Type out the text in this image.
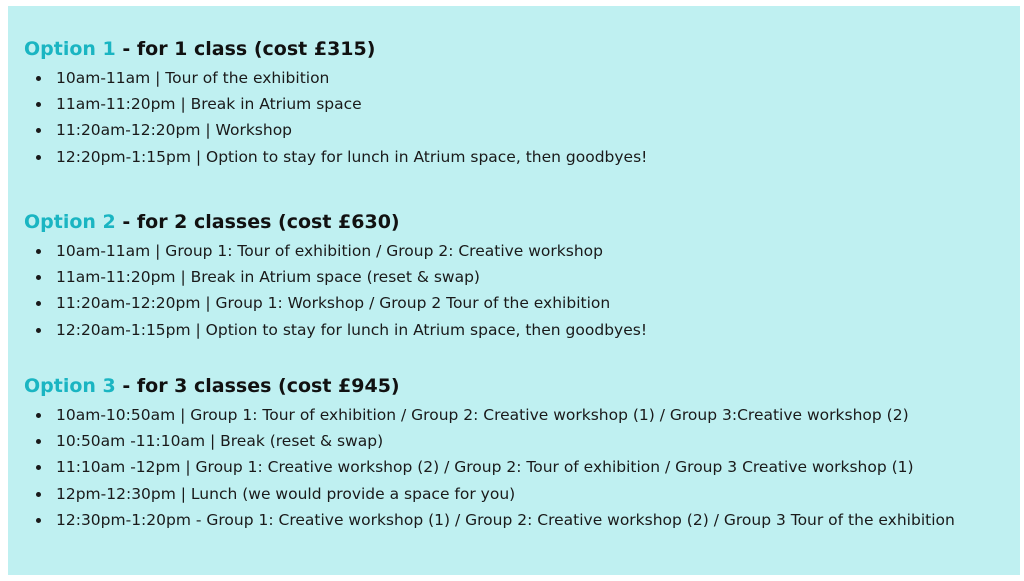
Option 1 - for 1 class (cost £315)
10am-11am | Tour of the exhibition
11am-11:20pm | Break in Atrium space
11:20am-12:20pm | Workshop
12:20pm-1:15pm | Option to stay for lunch in Atrium space, then goodbyes!
Option 2 - for 2 classes (cost £630)
10am-11am | Group 1: Tour of exhibition / Group 2: Creative workshop
11am-11:20pm | Break in Atrium space (reset & swap)
11:20am-12:20pm | Group 1: Workshop / Group 2 Tour of the exhibition
12:20am-1:15pm | Option to stay for lunch in Atrium space, then goodbyes!
Option 3 - for 3 classes (cost £945)
10am-10:50am | Group 1: Tour of exhibition / Group 2: Creative workshop (1) / Group 3:Creative workshop (2)
10:50am -11:10am | Break (reset & swap)
11:10am -12pm | Group 1: Creative workshop (2) / Group 2: Tour of exhibition / Group 3 Creative workshop (1)
12pm-12:30pm | Lunch (we would provide a space for you)
12:30pm-1:20pm - Group 1: Creative workshop (1) / Group 2: Creative workshop (2) / Group 3 Tour of the exhibition
